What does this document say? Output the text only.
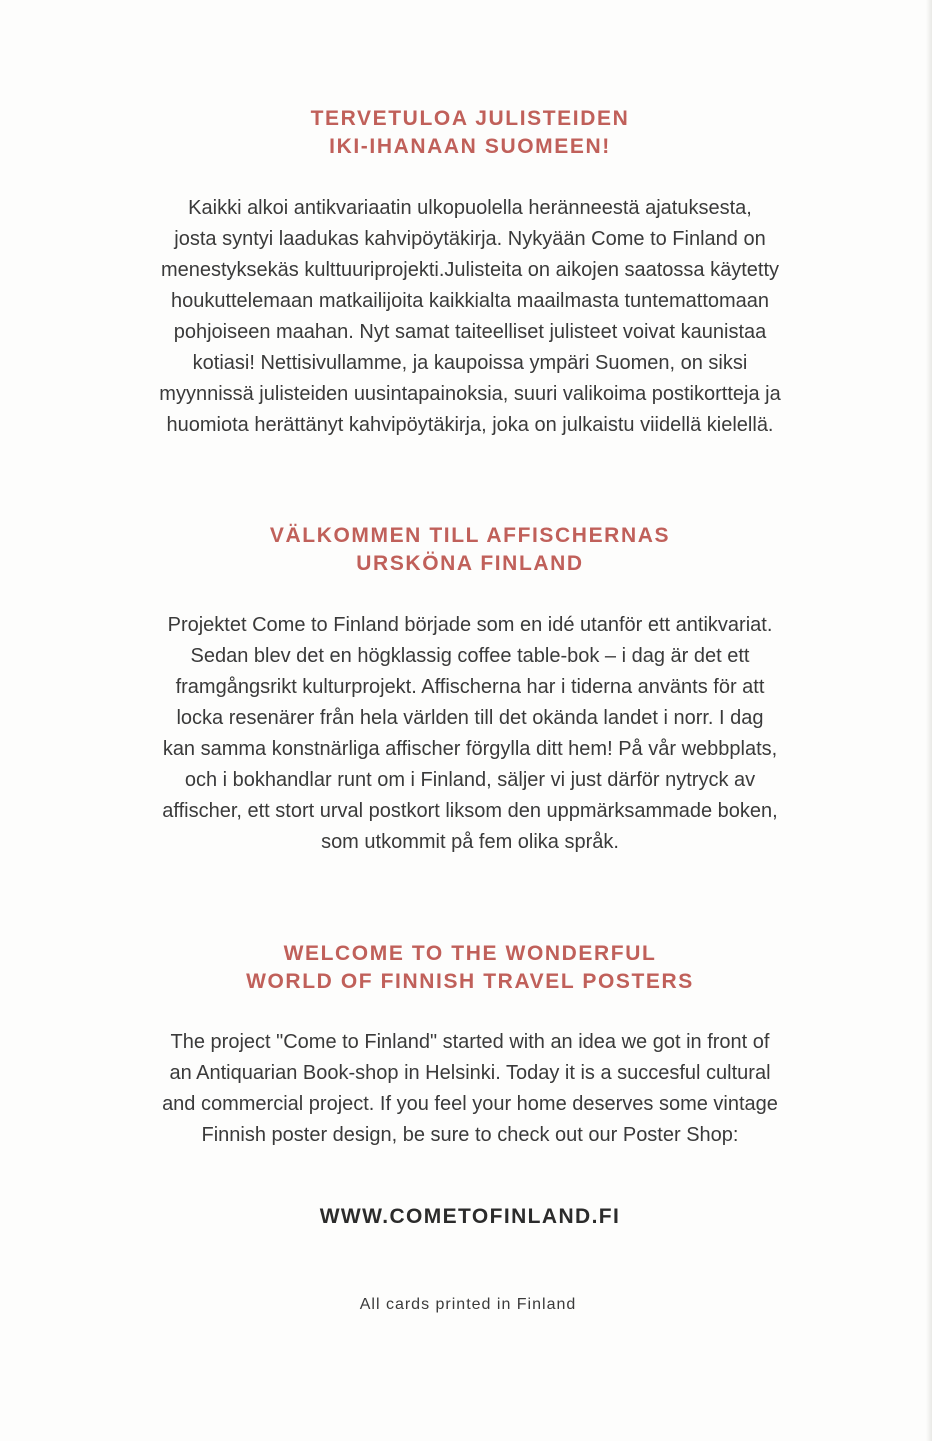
TERVETULOA JULISTEIDEN
IKI-IHANAAN SUOMEEN!

Kaikki alkoi antikvariaatin ulkopuolella heränneestä ajatuksesta,
josta syntyi laadukas kahvipöytäkirja. Nykyään Come to Finland on
menestyksekäs kulttuuriprojekti.Julisteita on aikojen saatossa käytetty
houkuttelemaan matkailijoita kaikkialta maailmasta tuntemattomaan
pohjoiseen maahan. Nyt samat taiteelliset julisteet voivat kaunistaa
kotiasi! Nettisivullamme, ja kaupoissa ympäri Suomen, on siksi
myynnissä julisteiden uusintapainoksia, suuri valikoima postikortteja ja
huomiota herättänyt kahvipöytäkirja, joka on julkaistu viidellä kielellä.

VÄLKOMMEN TILL AFFISCHERNAS
URSKÖNA FINLAND

Projektet Come to Finland började som en idé utanför ett antikvariat.
Sedan blev det en högklassig coffee table-bok – i dag är det ett
framgångsrikt kulturprojekt. Affischerna har i tiderna använts för att
locka resenärer från hela världen till det okända landet i norr. I dag
kan samma konstnärliga affischer förgylla ditt hem! På vår webbplats,
och i bokhandlar runt om i Finland, säljer vi just därför nytryck av
affischer, ett stort urval postkort liksom den uppmärksammade boken,
som utkommit på fem olika språk.

WELCOME TO THE WONDERFUL
WORLD OF FINNISH TRAVEL POSTERS

The project "Come to Finland" started with an idea we got in front of
an Antiquarian Book-shop in Helsinki. Today it is a succesful cultural
and commercial project. If you feel your home deserves some vintage
Finnish poster design, be sure to check out our Poster Shop:

WWW.COMETOFINLAND.FI

All cards printed in Finland
